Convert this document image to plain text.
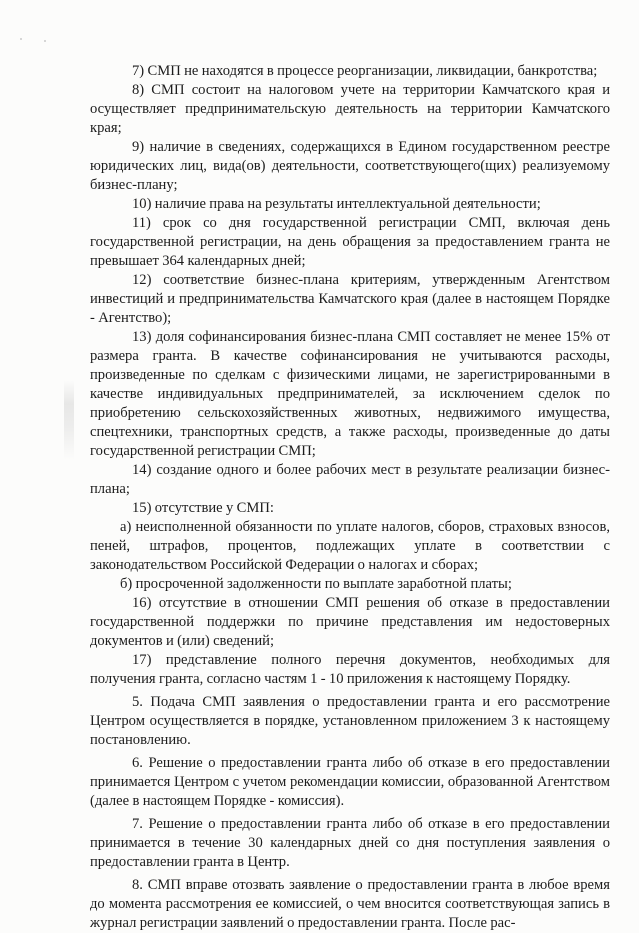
7) СМП не находятся в процессе реорганизации, ликвидации, банкротства;

8) СМП состоит на налоговом учете на территории Камчатского края и осуществляет предпринимательскую деятельность на территории Камчатского края;

9) наличие в сведениях, содержащихся в Едином государственном реестре юридических лиц, вида(ов) деятельности, соответствующего(щих) реализуемому бизнес-плану;

10) наличие права на результаты интеллектуальной деятельности;

11) срок со дня государственной регистрации СМП, включая день государственной регистрации, на день обращения за предоставлением гранта не превышает 364 календарных дней;

12) соответствие бизнес-плана критериям, утвержденным Агентством инвестиций и предпринимательства Камчатского края (далее в настоящем Порядке - Агентство);

13) доля софинансирования бизнес-плана СМП составляет не менее 15% от размера гранта. В качестве софинансирования не учитываются расходы, произведенные по сделкам с физическими лицами, не зарегистрированными в качестве индивидуальных предпринимателей, за исключением сделок по приобретению сельскохозяйственных животных, недвижимого имущества, спецтехники, транспортных средств, а также расходы, произведенные до даты государственной регистрации СМП;

14) создание одного и более рабочих мест в результате реализации бизнес-плана;

15) отсутствие у СМП:

а) неисполненной обязанности по уплате налогов, сборов, страховых взносов, пеней, штрафов, процентов, подлежащих уплате в соответствии с законодательством Российской Федерации о налогах и сборах;

б) просроченной задолженности по выплате заработной платы;

16) отсутствие в отношении СМП решения об отказе в предоставлении государственной поддержки по причине представления им недостоверных документов и (или) сведений;

17) представление полного перечня документов, необходимых для получения гранта, согласно частям 1 - 10 приложения к настоящему Порядку.

5. Подача СМП заявления о предоставлении гранта и его рассмотрение Центром осуществляется в порядке, установленном приложением 3 к настоящему постановлению.

6. Решение о предоставлении гранта либо об отказе в его предоставлении принимается Центром с учетом рекомендации комиссии, образованной Агентством (далее в настоящем Порядке - комиссия).

7. Решение о предоставлении гранта либо об отказе в его предоставлении принимается в течение 30 календарных дней со дня поступления заявления о предоставлении гранта в Центр.

8. СМП вправе отозвать заявление о предоставлении гранта в любое время до момента рассмотрения ее комиссией, о чем вносится соответствующая запись в журнал регистрации заявлений о предоставлении гранта. После рас-
